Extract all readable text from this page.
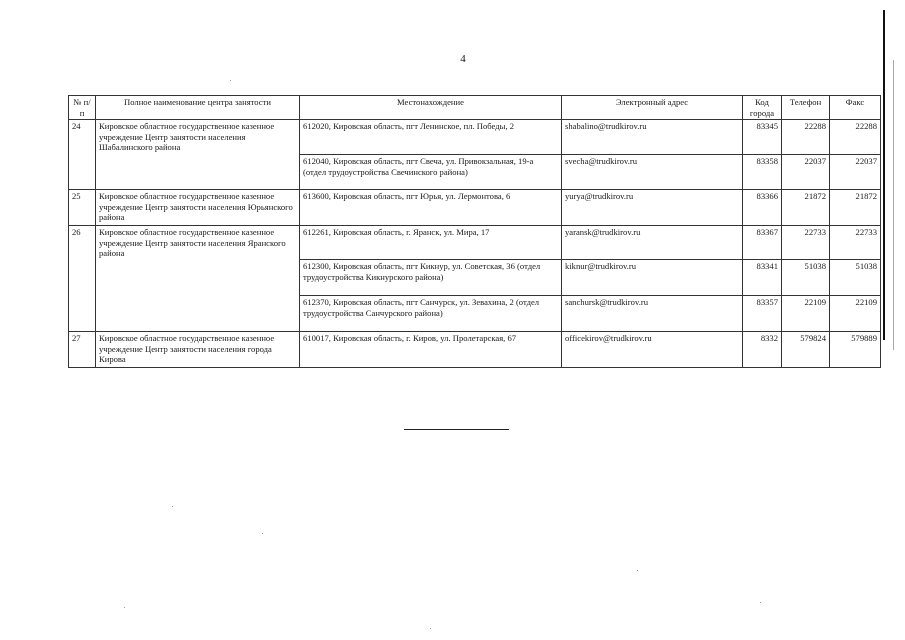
4
№ п/п	Полное наименование центра занятости	Местонахождение	Электронный адрес	Код города	Телефон	Факс
24	Кировское областное государственное казенное учреждение Центр занятости населения Шабалинского района	612020, Кировская область, пгт Ленинское, пл. Победы, 2	shabalino@trudkirov.ru	83345	22288	22288
		612040, Кировская область, пгт Свеча, ул. Привокзальная, 19-а (отдел трудоустройства Свечинского района)	svecha@trudkirov.ru	83358	22037	22037
25	Кировское областное государственное казенное учреждение Центр занятости населения Юрьянского района	613600, Кировская область, пгт Юрья, ул. Лермонтова, 6	yurya@trudkirov.ru	83366	21872	21872
26	Кировское областное государственное казенное учреждение Центр занятости населения Яранского района	612261, Кировская область, г. Яранск, ул. Мира, 17	yaransk@trudkirov.ru	83367	22733	22733
		612300, Кировская область, пгт Кикнур, ул. Советская, 36 (отдел трудоустройства Кикнурского района)	kiknur@trudkirov.ru	83341	51038	51038
		612370, Кировская область, пгт Санчурск, ул. Зевахина, 2 (отдел трудоустройства Санчурского района)	sanchursk@trudkirov.ru	83357	22109	22109
27	Кировское областное государственное казенное учреждение Центр занятости населения города Кирова	610017, Кировская область, г. Киров, ул. Пролетарская, 67	officekirov@trudkirov.ru	8332	579824	579889
